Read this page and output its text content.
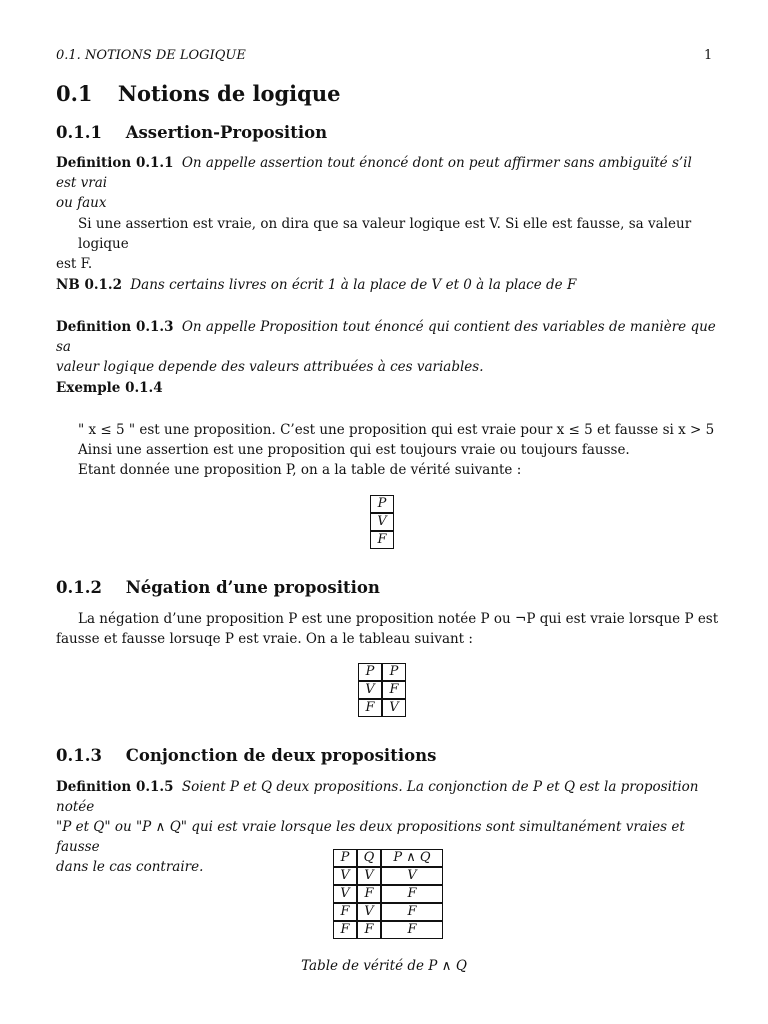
0.1. NOTIONS DE LOGIQUE	1
0.1 Notions de logique
0.1.1 Assertion-Proposition
Definition 0.1.1 On appelle assertion tout énoncé dont on peut affirmer sans ambiguïté s’il est vrai
ou faux
Si une assertion est vraie, on dira que sa valeur logique est V. Si elle est fausse, sa valeur logique
est F.
NB 0.1.2 Dans certains livres on écrit 1 à la place de V et 0 à la place de F
Definition 0.1.3 On appelle Proposition tout énoncé qui contient des variables de manière que sa
valeur logique depende des valeurs attribuées à ces variables.
Exemple 0.1.4
" x ≤ 5 " est une proposition. C’est une proposition qui est vraie pour x ≤ 5 et fausse si x > 5
Ainsi une assertion est une proposition qui est toujours vraie ou toujours fausse.
Etant donnée une proposition P, on a la table de vérité suivante :
P
V
F
0.1.2 Négation d’une proposition
La négation d’une proposition P est une proposition notée P ou ¬P qui est vraie lorsque P est
fausse et fausse lorsuqe P est vraie. On a le tableau suivant :
P	$\overline{P}$
V	F
F	V
0.1.3 Conjonction de deux propositions
Definition 0.1.5 Soient P et Q deux propositions. La conjonction de P et Q est la proposition notée
"P et Q" ou "P ∧ Q" qui est vraie lorsque les deux propositions sont simultanément vraies et fausse
dans le cas contraire.
P	Q	P ∧ Q
V	V	V
V	F	F
F	V	F
F	F	F
Table de vérité de P ∧ Q
